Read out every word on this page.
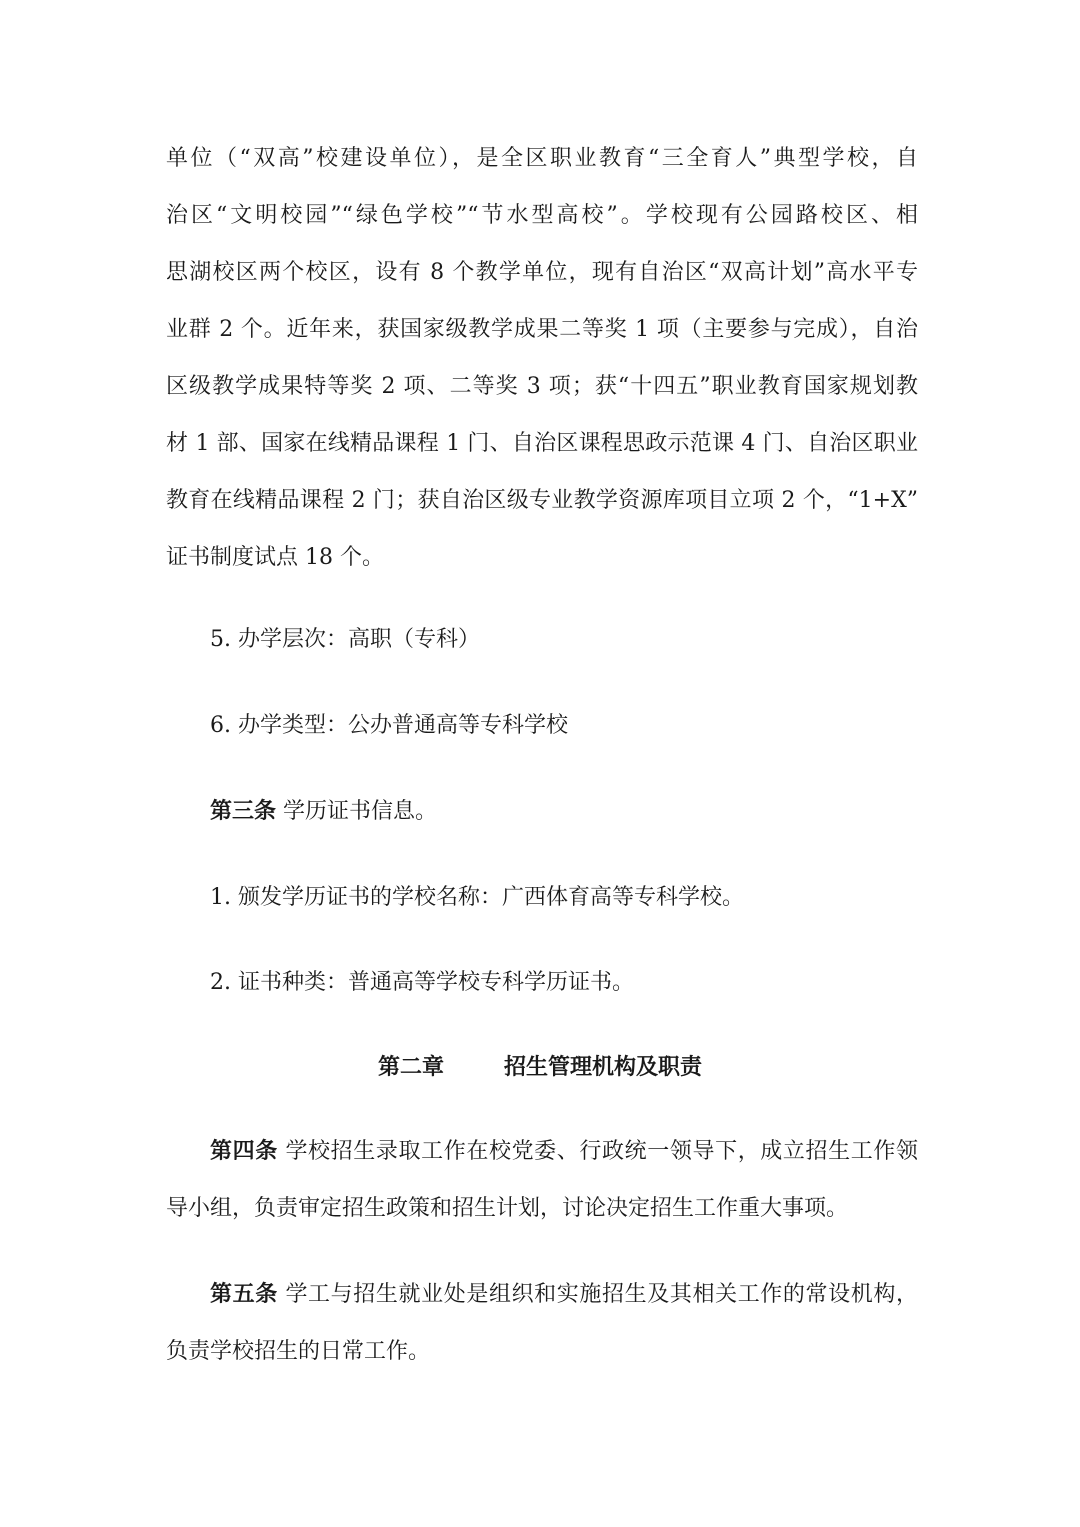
单位（“双高”校建设单位），是全区职业教育“三全育人”典型学校，自
治区“文明校园”“绿色学校”“节水型高校”。学校现有公园路校区、相
思湖校区两个校区，设有 8 个教学单位，现有自治区“双高计划”高水平专
业群 2 个。近年来，获国家级教学成果二等奖 1 项（主要参与完成），自治
区级教学成果特等奖 2 项、二等奖 3 项；获“十四五”职业教育国家规划教
材 1 部、国家在线精品课程 1 门、自治区课程思政示范课 4 门、自治区职业
教育在线精品课程 2 门；获自治区级专业教学资源库项目立项 2 个，“1+X”
证书制度试点 18 个。
5. 办学层次：高职（专科）
6. 办学类型：公办普通高等专科学校
第三条 学历证书信息。
1. 颁发学历证书的学校名称：广西体育高等专科学校。
2. 证书种类：普通高等学校专科学历证书。
第二章	招生管理机构及职责
第四条 学校招生录取工作在校党委、行政统一领导下，成立招生工作领
导小组，负责审定招生政策和招生计划，讨论决定招生工作重大事项。
第五条 学工与招生就业处是组织和实施招生及其相关工作的常设机构，
负责学校招生的日常工作。
